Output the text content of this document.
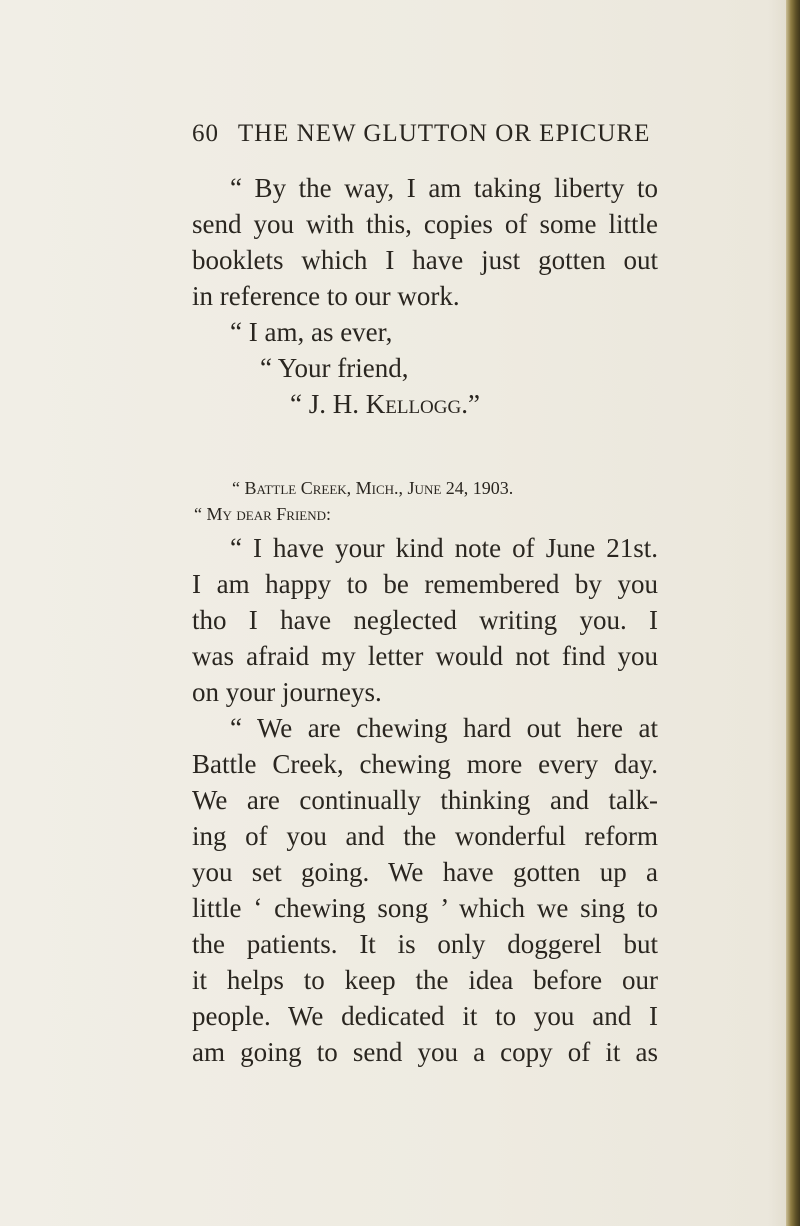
60 THE NEW GLUTTON OR EPICURE
“ By the way, I am taking liberty to
send you with this, copies of some little
booklets which I have just gotten out
in reference to our work.
“ I am, as ever,
“ Your friend,
“ J. H. Kellogg.”
“ Battle Creek, Mich., June 24, 1903.
“ My dear Friend:
“ I have your kind note of June 21st.
I am happy to be remembered by you
tho I have neglected writing you. I
was afraid my letter would not find you
on your journeys.
“ We are chewing hard out here at
Battle Creek, chewing more every day.
We are continually thinking and talk-
ing of you and the wonderful reform
you set going. We have gotten up a
little ‘ chewing song ’ which we sing to
the patients. It is only doggerel but
it helps to keep the idea before our
people. We dedicated it to you and I
am going to send you a copy of it as
